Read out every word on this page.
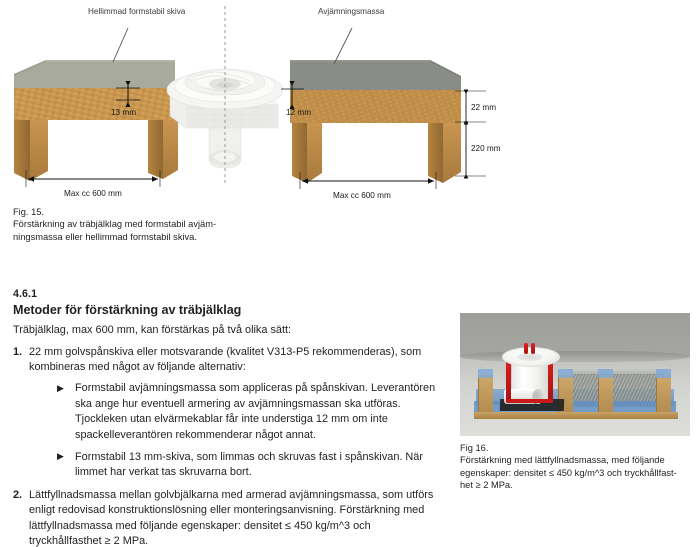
Hellimmad formstabil skiva	Avjämningsmassa
13 mm	12 mm
22 mm
220 mm
Max cc 600 mm	Max cc 600 mm
Fig. 15.
Förstärkning av träbjälklag med formstabil avjäm-
ningsmassa eller hellimmad formstabil skiva.
4.6.1
Metoder för förstärkning av träbjälklag
Träbjälklag, max 600 mm, kan förstärkas på två olika sätt:
1. 22 mm golvspånskiva eller motsvarande (kvalitet V313-P5 rekommenderas), som kombineras med något av följande alternativ:
▶ Formstabil avjämningsmassa som appliceras på spånskivan. Leverantören ska ange hur eventuell armering av avjämningsmassan ska utföras. Tjockleken utan elvärmekablar får inte understiga 12 mm om inte spackelleverantören rekommenderar något annat.
▶ Formstabil 13 mm-skiva, som limmas och skruvas fast i spånskivan. När limmet har verkat tas skruvarna bort.
2. Lättfyllnadsmassa mellan golvbjälkarna med armerad avjämningsmassa, som utförs enligt redovisad konstruktionslösning eller monteringsanvisning. Förstärkning med lättfyllnadsmassa med följande egenskaper: densitet ≤ 450 kg/m^3 och tryckhållfasthet ≥ 2 MPa.
Fig 16.
Förstärkning med lättfyllnadsmassa, med följande
egenskaper: densitet ≤ 450 kg/m^3 och tryckhållfast-
het ≥ 2 MPa.
